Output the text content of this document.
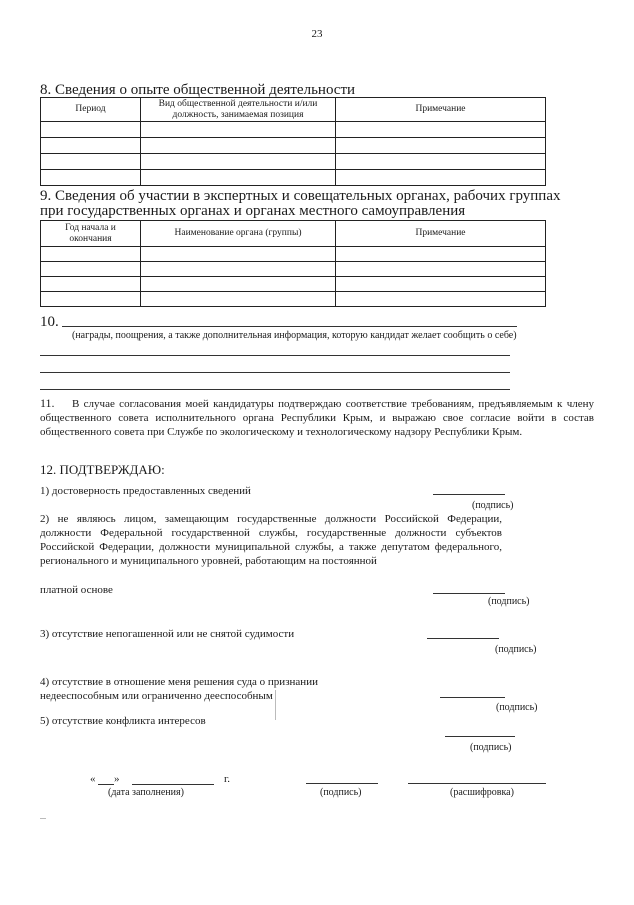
23
8. Сведения о опыте общественной деятельности
Период	Вид общественной деятельности и/или должность, занимаемая позиция	Примечание

9. Сведения об участии в экспертных и совещательных органах, рабочих группах
при государственных органах и органах местного самоуправления
Год начала и окончания	Наименование органа (группы)	Примечание

10.
(награды, поощрения, а также дополнительная информация, которую кандидат желает сообщить о себе)
11.	В случае согласования моей кандидатуры подтверждаю соответствие требованиям, предъявляемым к члену общественного совета исполнительного органа Республики Крым, и выражаю свое согласие войти в состав общественного совета при Службе по экологическому и технологическому надзору Республики Крым.
12. ПОДТВЕРЖДАЮ:
1) достоверность предоставленных сведений
(подпись)
2) не являюсь лицом, замещающим государственные должности Российской Федерации, должности Федеральной государственной службы, государственные должности субъектов Российской Федерации, должности муниципальной службы, а также депутатом федерального, регионального и муниципального уровней, работающим на постоянной
платной основе
(подпись)
3) отсутствие непогашенной или не снятой судимости
(подпись)
4) отсутствие в отношение меня решения суда о признании
недееспособным или ограниченно дееспособным
(подпись)
5) отсутствие конфликта интересов
(подпись)
« »	г.
(дата заполнения)	(подпись)	(расшифровка)
